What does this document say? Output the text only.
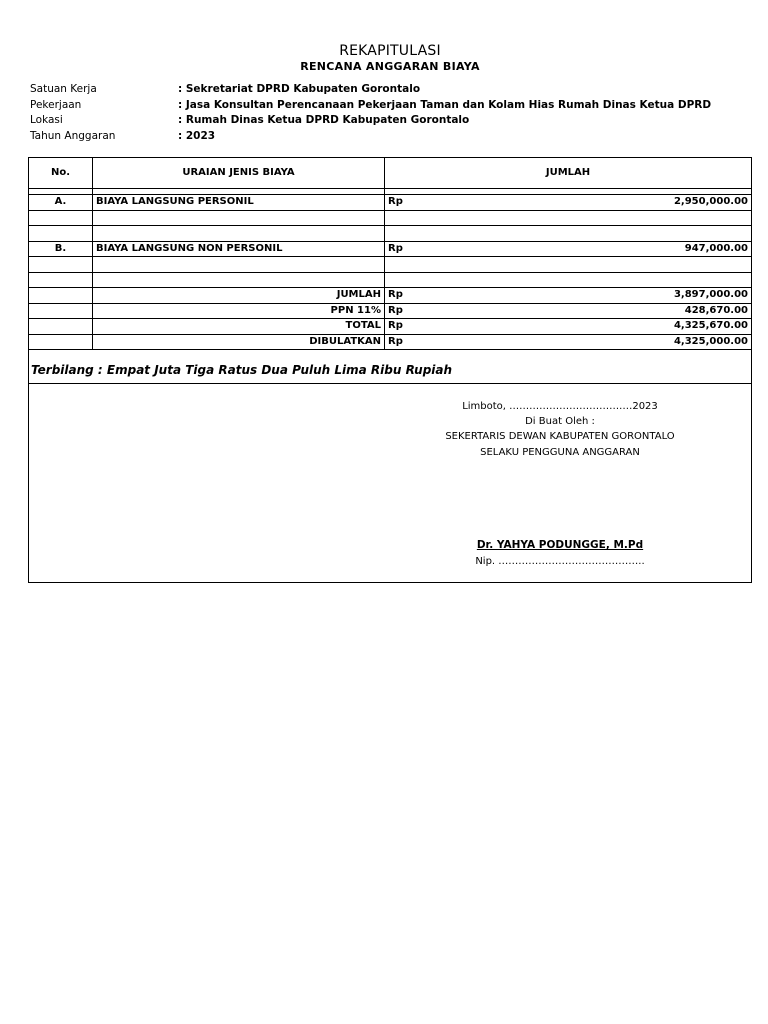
REKAPITULASI
RENCANA ANGGARAN BIAYA
Satuan Kerja	: Sekretariat DPRD Kabupaten Gorontalo
Pekerjaan	: Jasa Konsultan Perencanaan Pekerjaan Taman dan Kolam Hias Rumah Dinas Ketua DPRD
Lokasi	: Rumah Dinas Ketua DPRD Kabupaten Gorontalo
Tahun Anggaran	: 2023
No.	URAIAN JENIS BIAYA	JUMLAH	

A.	BIAYA LANGSUNG PERSONIL	Rp	2,950,000.00

B.	BIAYA LANGSUNG NON PERSONIL	Rp	947,000.00

	JUMLAH	Rp	3,897,000.00
	PPN 11%	Rp	428,670.00
	TOTAL	Rp	4,325,670.00
	DIBULATKAN	Rp	4,325,000.00
Terbilang : Empat Juta Tiga Ratus Dua Puluh Lima Ribu Rupiah
Limboto, …………………………….…2023
Di Buat Oleh :
SEKERTARIS DEWAN KABUPATEN GORONTALO
SELAKU PENGGUNA ANGGARAN
Dr. YAHYA PODUNGGE, M.Pd
Nip. ……………………………………..
